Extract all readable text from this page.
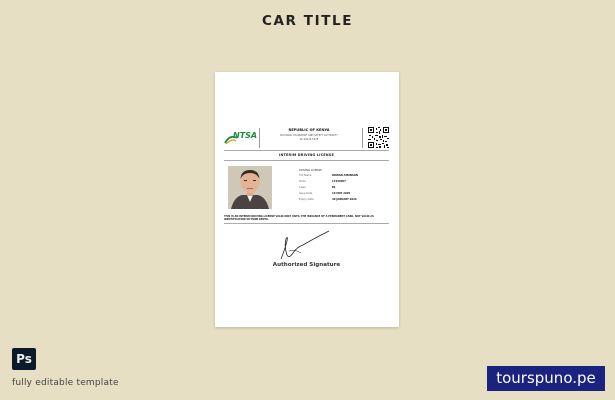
CAR TITLE
NTSA
REPUBLIC OF KENYA
NATIONAL TRANSPORT AND SAFETY AUTHORITY
DL-00234-5678
INTERIM DRIVING LICENSE
DRIVING LICENSE
Full Name	ROWAN ATKINSON
ID No.	17459407
Class	B1
Issue Date	10 MAY 2025
Expiry Date	30 JANUARY 2026
THIS IS AN INTERIM DRIVING LICENSE VALID ONLY UNTIL THE ISSUANCE OF A PERMANENT CARD. NOT VALID AS IDENTIFICATION OUTSIDE KENYA.
Authorized Signature
Ps
fully editable template	tourspuno.pe
